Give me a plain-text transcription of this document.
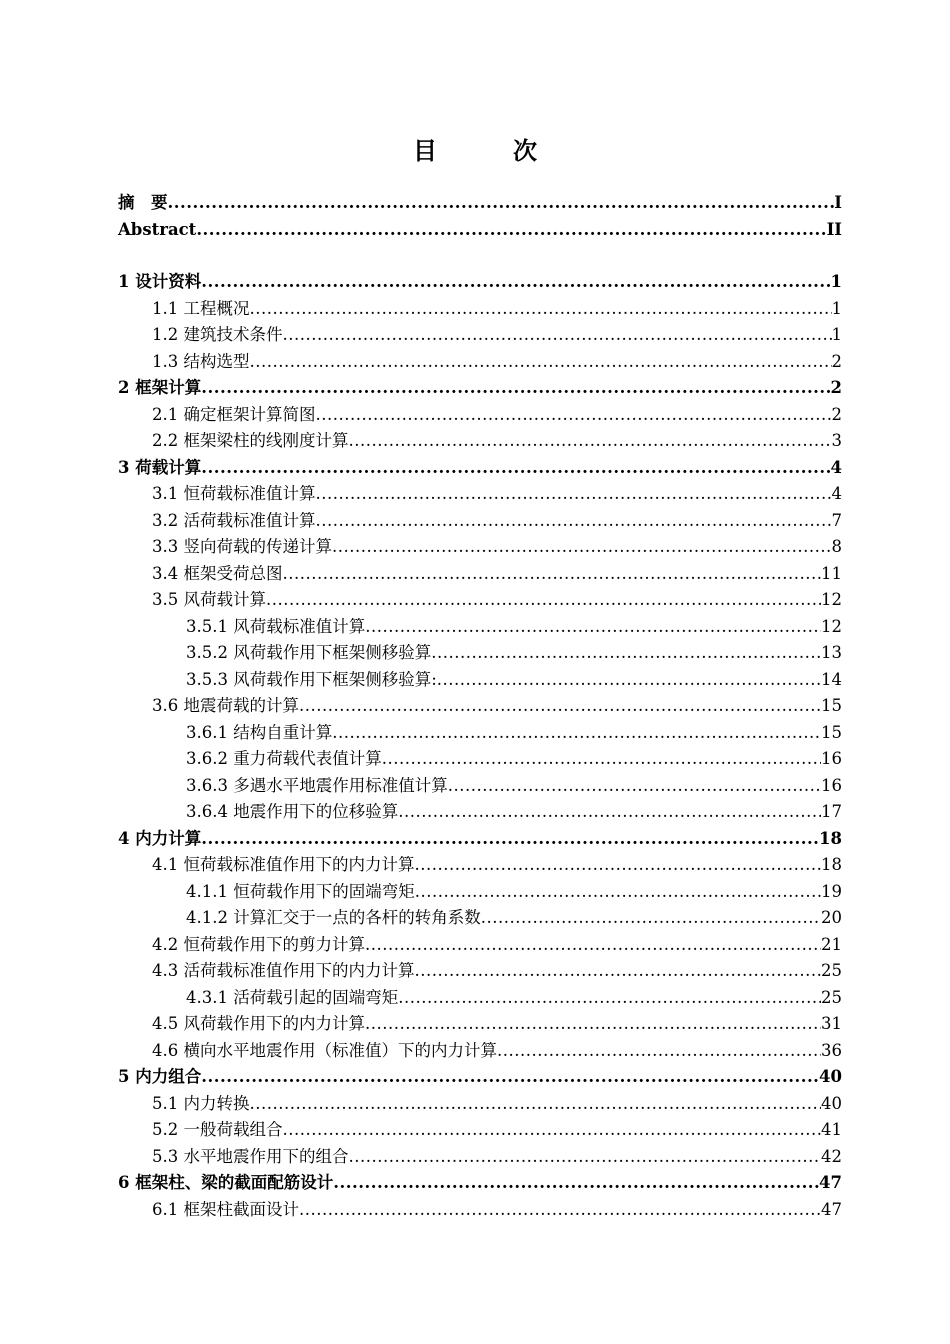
目　次
摘　要 .....	I
Abstract .....	II
1 设计资料 .....	1
1.1 工程概况 .....	1
1.2 建筑技术条件 .....	1
1.3 结构选型 .....	2
2 框架计算 .....	2
2.1 确定框架计算简图 .....	2
2.2 框架梁柱的线刚度计算 .....	3
3 荷载计算 .....	4
3.1 恒荷载标准值计算 .....	4
3.2 活荷载标准值计算 .....	7
3.3 竖向荷载的传递计算 .....	8
3.4 框架受荷总图 .....	11
3.5 风荷载计算 .....	12
3.5.1 风荷载标准值计算 .....	12
3.5.2 风荷载作用下框架侧移验算 .....	13
3.5.3 风荷载作用下框架侧移验算: .....	14
3.6 地震荷载的计算 .....	15
3.6.1 结构自重计算 .....	15
3.6.2 重力荷载代表值计算 .....	16
3.6.3 多遇水平地震作用标准值计算 .....	16
3.6.4 地震作用下的位移验算 .....	17
4 内力计算 .....	18
4.1 恒荷载标准值作用下的内力计算 .....	18
4.1.1 恒荷载作用下的固端弯矩 .....	19
4.1.2 计算汇交于一点的各杆的转角系数 .....	20
4.2 恒荷载作用下的剪力计算 .....	21
4.3 活荷载标准值作用下的内力计算 .....	25
4.3.1 活荷载引起的固端弯矩 .....	25
4.5 风荷载作用下的内力计算 .....	31
4.6 横向水平地震作用（标准值）下的内力计算 .....	36
5 内力组合 .....	40
5.1 内力转换 .....	40
5.2 一般荷载组合 .....	41
5.3 水平地震作用下的组合 .....	42
6 框架柱、梁的截面配筋设计 .....	47
6.1 框架柱截面设计 .....	47
